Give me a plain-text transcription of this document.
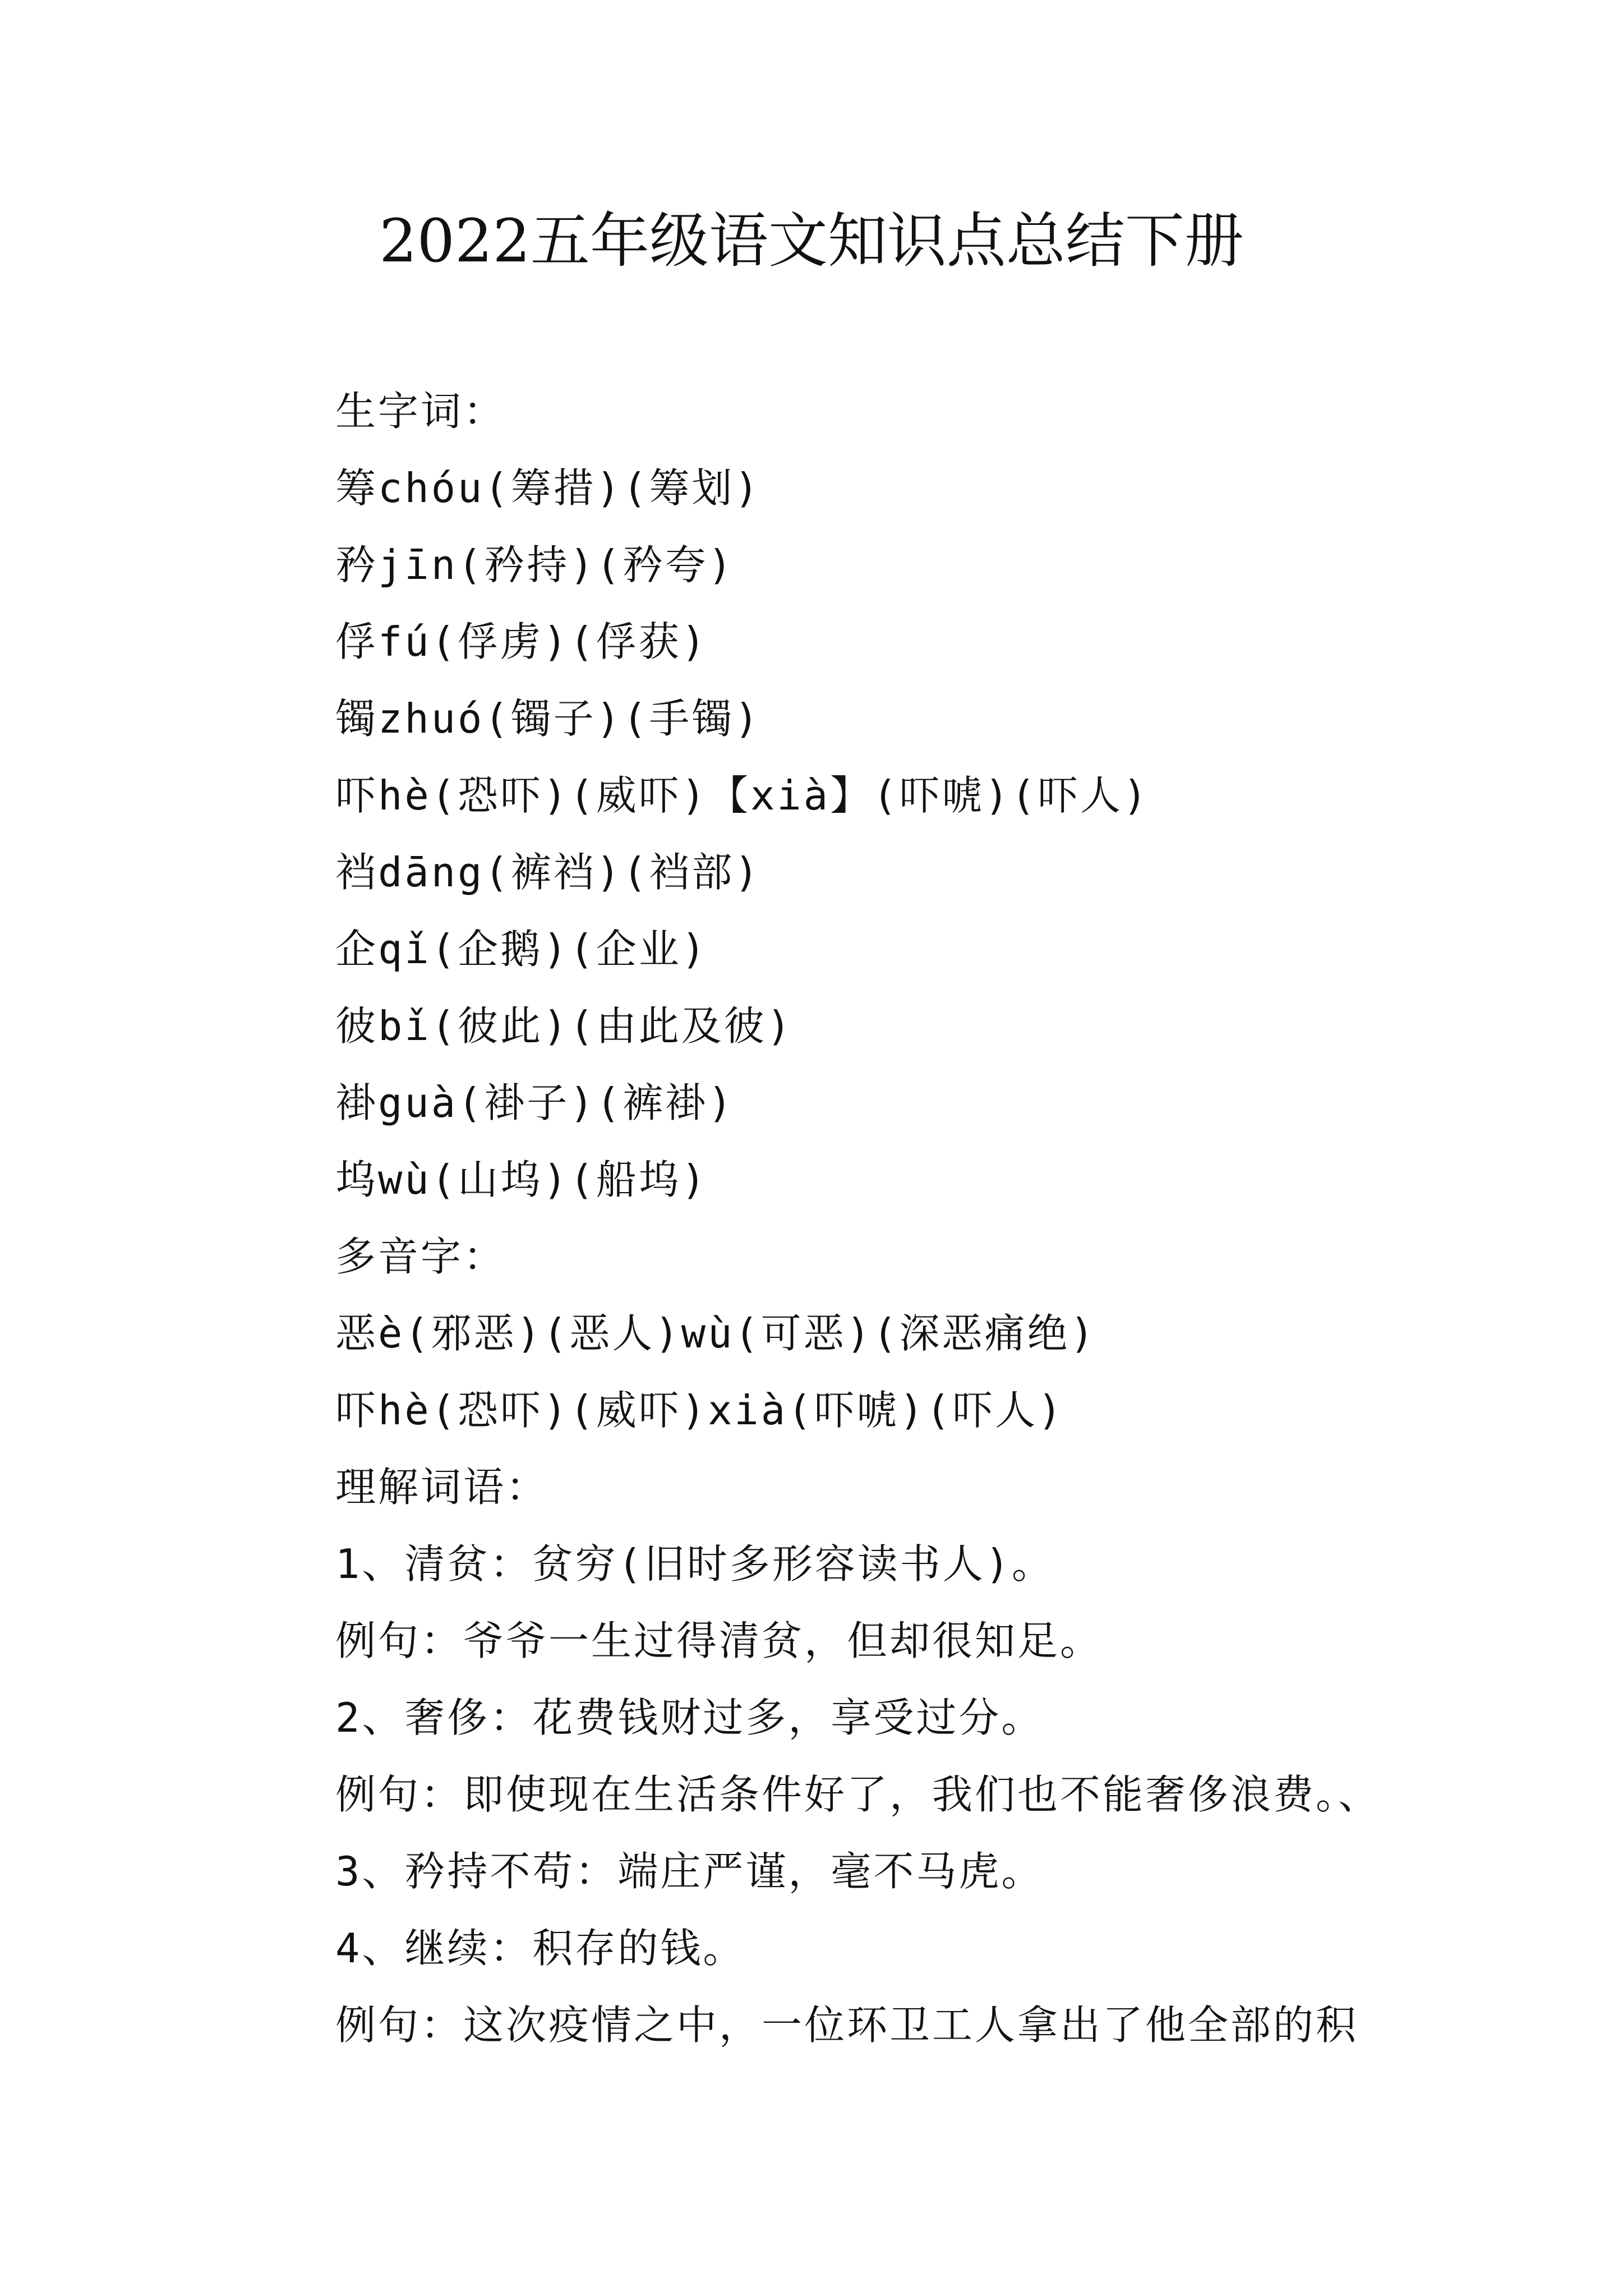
2022五年级语文知识点总结下册
生字词：
筹chóu(筹措)(筹划)
矜jīn(矜持)(矜夸)
俘fú(俘虏)(俘获)
镯zhuó(镯子)(手镯)
吓hè(恐吓)(威吓)【xià】(吓唬)(吓人)
裆dāng(裤裆)(裆部)
企qǐ(企鹅)(企业)
彼bǐ(彼此)(由此及彼)
褂guà(褂子)(裤褂)
坞wù(山坞)(船坞)
多音字：
恶è(邪恶)(恶人)wù(可恶)(深恶痛绝)
吓hè(恐吓)(威吓)xià(吓唬)(吓人)
理解词语：
1、清贫：贫穷(旧时多形容读书人)。
例句：爷爷一生过得清贫，但却很知足。
2、奢侈：花费钱财过多，享受过分。
例句：即使现在生活条件好了，我们也不能奢侈浪费。、
3、矜持不苟：端庄严谨，毫不马虎。
4、继续：积存的钱。
例句：这次疫情之中，一位环卫工人拿出了他全部的积
